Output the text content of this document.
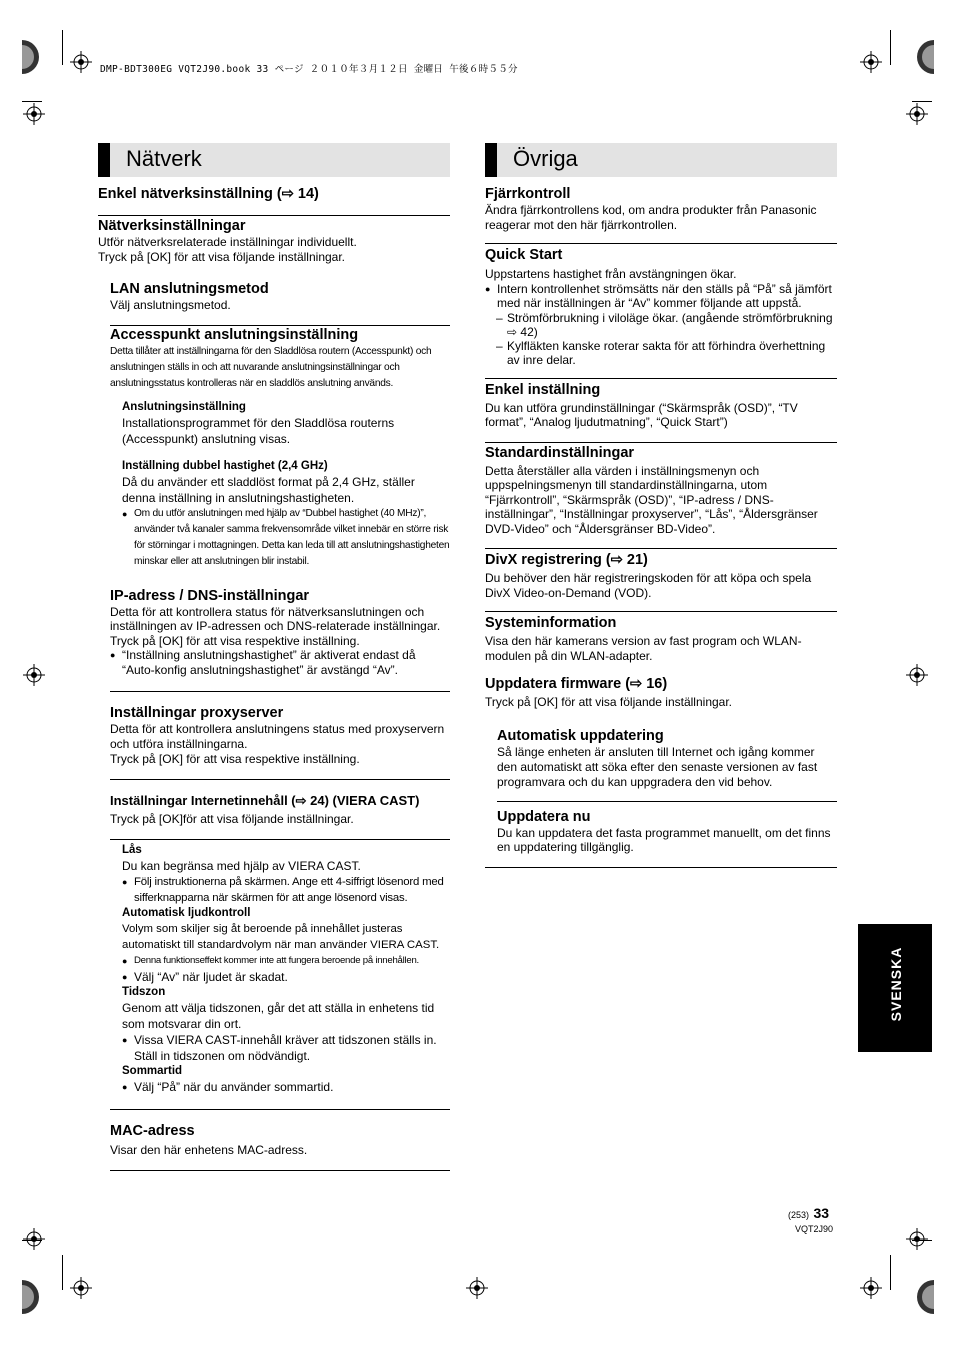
DMP-BDT300EG VQT2J90.book 33 ページ ２０１０年３月１２日 金曜日 午後６時５５分
Nätverk
Enkel nätverksinställning (⇨ 14)
Nätverksinställningar
Utför nätverksrelaterade inställningar individuellt.
Tryck på [OK] för att visa följande inställningar.
LAN anslutningsmetod
Välj anslutningsmetod.
Accesspunkt anslutningsinställning
Detta tillåter att inställningarna för den Sladdlösa routern (Accesspunkt) och anslutningen ställs in och att nuvarande anslutningsinställningar och anslutningsstatus kontrolleras när en sladdlös anslutning används.
Anslutningsinställning
Installationsprogrammet för den Sladdlösa routerns (Accesspunkt) anslutning visas.
Inställning dubbel hastighet (2,4 GHz)
Då du använder ett sladdlöst format på 2,4 GHz, ställer denna inställning in anslutningshastigheten.
● Om du utför anslutningen med hjälp av “Dubbel hastighet (40 MHz)”, använder två kanaler samma frekvensområde vilket innebär en större risk för störningar i mottagningen. Detta kan leda till att anslutningshastigheten minskar eller att anslutningen blir instabil.
IP-adress / DNS-inställningar
Detta för att kontrollera status för nätverksanslutningen och inställningen av IP-adressen och DNS-relaterade inställningar.
Tryck på [OK] för att visa respektive inställning.
● “Inställning anslutningshastighet” är aktiverat endast då “Auto-konfig anslutningshastighet” är avstängd “Av”.
Inställningar proxyserver
Detta för att kontrollera anslutningens status med proxyservern och utföra inställningarna.
Tryck på [OK] för att visa respektive inställning.
Inställningar Internetinnehåll (⇨ 24) (VIERA CAST)
Tryck på [OK]för att visa följande inställningar.
Lås
Du kan begränsa med hjälp av VIERA CAST.
● Följ instruktionerna på skärmen. Ange ett 4-siffrigt lösenord med sifferknapparna när skärmen för att ange lösenord visas.
Automatisk ljudkontroll
Volym som skiljer sig åt beroende på innehållet justeras automatiskt till standardvolym när man använder VIERA CAST.
● Denna funktionseffekt kommer inte att fungera beroende på innehållen.
● Välj “Av” när ljudet är skadat.
Tidszon
Genom att välja tidszonen, går det att ställa in enhetens tid som motsvarar din ort.
● Vissa VIERA CAST-innehåll kräver att tidszonen ställs in. Ställ in tidszonen om nödvändigt.
Sommartid
● Välj “På” när du använder sommartid.
MAC-adress
Visar den här enhetens MAC-adress.
Övriga
Fjärrkontroll
Ändra fjärrkontrollens kod, om andra produkter från Panasonic reagerar mot den här fjärrkontrollen.
Quick Start
Uppstartens hastighet från avstängningen ökar.
● Intern kontrollenhet strömsätts när den ställs på “På” så jämfört med när inställningen är “Av” kommer följande att uppstå.
– Strömförbrukning i viloläge ökar. (angående strömförbrukning ⇨ 42)
– Kylfläkten kanske roterar sakta för att förhindra överhettning av inre delar.
Enkel inställning
Du kan utföra grundinställningar (“Skärmspråk (OSD)”, “TV format”, “Analog ljudutmatning”, “Quick Start”)
Standardinställningar
Detta återställer alla värden i inställningsmenyn och uppspelningsmenyn till standardinställningarna, utom “Fjärrkontroll”, “Skärmspråk (OSD)”, “IP-adress / DNS-inställningar”, “Inställningar proxyserver”, “Lås”, “Åldersgränser DVD-Video” och “Åldersgränser BD-Video”.
DivX registrering (⇨ 21)
Du behöver den här registreringskoden för att köpa och spela DivX Video-on-Demand (VOD).
Systeminformation
Visa den här kamerans version av fast program och WLAN-modulen på din WLAN-adapter.
Uppdatera firmware (⇨ 16)
Tryck på [OK] för att visa följande inställningar.
Automatisk uppdatering
Så länge enheten är ansluten till Internet och igång kommer den automatiskt att söka efter den senaste versionen av fast programvara och du kan uppgradera den vid behov.
Uppdatera nu
Du kan uppdatera det fasta programmet manuellt, om det finns en uppdatering tillgänglig.
SVENSKA
(253) 33
VQT2J90
